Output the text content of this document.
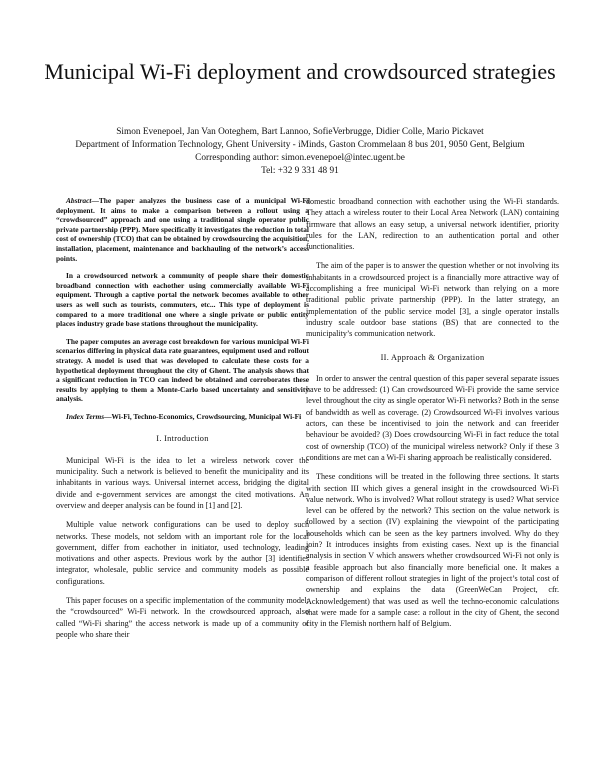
Municipal Wi-Fi deployment and crowdsourced strategies
Simon Evenepoel, Jan Van Ooteghem, Bart Lannoo, SofieVerbrugge, Didier Colle, Mario Pickavet
Department of Information Technology, Ghent University - iMinds, Gaston Crommelaan 8 bus 201, 9050 Gent, Belgium
Corresponding author: simon.evenepoel@intec.ugent.be
Tel: +32 9 331 48 91

Abstract—The paper analyzes the business case of a municipal Wi-Fi deployment. It aims to make a comparison between a rollout using a “crowdsourced” approach and one using a traditional single operator public private partnership (PPP). More specifically it investigates the reduction in total cost of ownership (TCO) that can be obtained by crowdsourcing the acquisition, installation, placement, maintenance and backhauling of the network’s access points.

In a crowdsourced network a community of people share their domestic broadband connection with eachother using commercially available Wi-Fi equipment. Through a captive portal the network becomes available to other users as well such as tourists, commuters, etc... This type of deployment is compared to a more traditional one where a single private or public entity places industry grade base stations throughout the municipality.

The paper computes an average cost breakdown for various municipal Wi-Fi scenarios differing in physical data rate guarantees, equipment used and rollout strategy. A model is used that was developed to calculate these costs for a hypothetical deployment throughout the city of Ghent. The analysis shows that a significant reduction in TCO can indeed be obtained and corroborates these results by applying to them a Monte-Carlo based uncertainty and sensitivity analysis.

Index Terms—Wi-Fi, Techno-Economics, Crowdsourcing, Municipal Wi-Fi

I. Introduction

Municipal Wi-Fi is the idea to let a wireless network cover the municipality. Such a network is believed to benefit the municipality and its inhabitants in various ways. Universal internet access, bridging the digital divide and e-government services are amongst the cited motivations. An overview and deeper analysis can be found in [1] and [2].

Multiple value network configurations can be used to deploy such networks. These models, not seldom with an important role for the local government, differ from eachother in initiator, used technology, leading motivations and other aspects. Previous work by the author [3] identifies integrator, wholesale, public service and community models as possible configurations.

This paper focuses on a specific implementation of the community model: the “crowdsourced” Wi-Fi network. In the crowdsourced approach, also called “Wi-Fi sharing” the access network is made up of a community of people who share their

domestic broadband connection with eachother using the Wi-Fi standards. They attach a wireless router to their Local Area Network (LAN) containing firmware that allows an easy setup, a universal network identifier, priority rules for the LAN, redirection to an authentication portal and other functionalities.

The aim of the paper is to answer the question whether or not involving its inhabitants in a crowdsourced project is a financially more attractive way of accomplishing a free municipal Wi-Fi network than relying on a more traditional public private partnership (PPP). In the latter strategy, an implementation of the public service model [3], a single operator installs industry scale outdoor base stations (BS) that are connected to the municipality’s communication network.

II. Approach & Organization

In order to answer the central question of this paper several separate issues have to be addressed: (1) Can crowdsourced Wi-Fi provide the same service level throughout the city as single operator Wi-Fi networks? Both in the sense of bandwidth as well as coverage. (2) Crowdsourced Wi-Fi involves various actors, can these be incentivised to join the network and can freerider behaviour be avoided? (3) Does crowdsourcing Wi-Fi in fact reduce the total cost of ownership (TCO) of the municipal wireless network? Only if these 3 conditions are met can a Wi-Fi sharing approach be realistically considered.

These conditions will be treated in the following three sections. It starts with section III which gives a general insight in the crowdsourced Wi-Fi value network. Who is involved? What rollout strategy is used? What service level can be offered by the network? This section on the value network is followed by a section (IV) explaining the viewpoint of the participating households which can be seen as the key partners involved. Why do they join? It introduces insights from existing cases. Next up is the financial analysis in section V which answers whether crowdsourced Wi-Fi not only is a feasible approach but also financially more beneficial one. It makes a comparison of different rollout strategies in light of the project’s total cost of ownership and explains the data (GreenWeCan Project, cfr. Acknowledgement) that was used as well the techno-economic calculations that were made for a sample case: a rollout in the city of Ghent, the second city in the Flemish northern half of Belgium.
